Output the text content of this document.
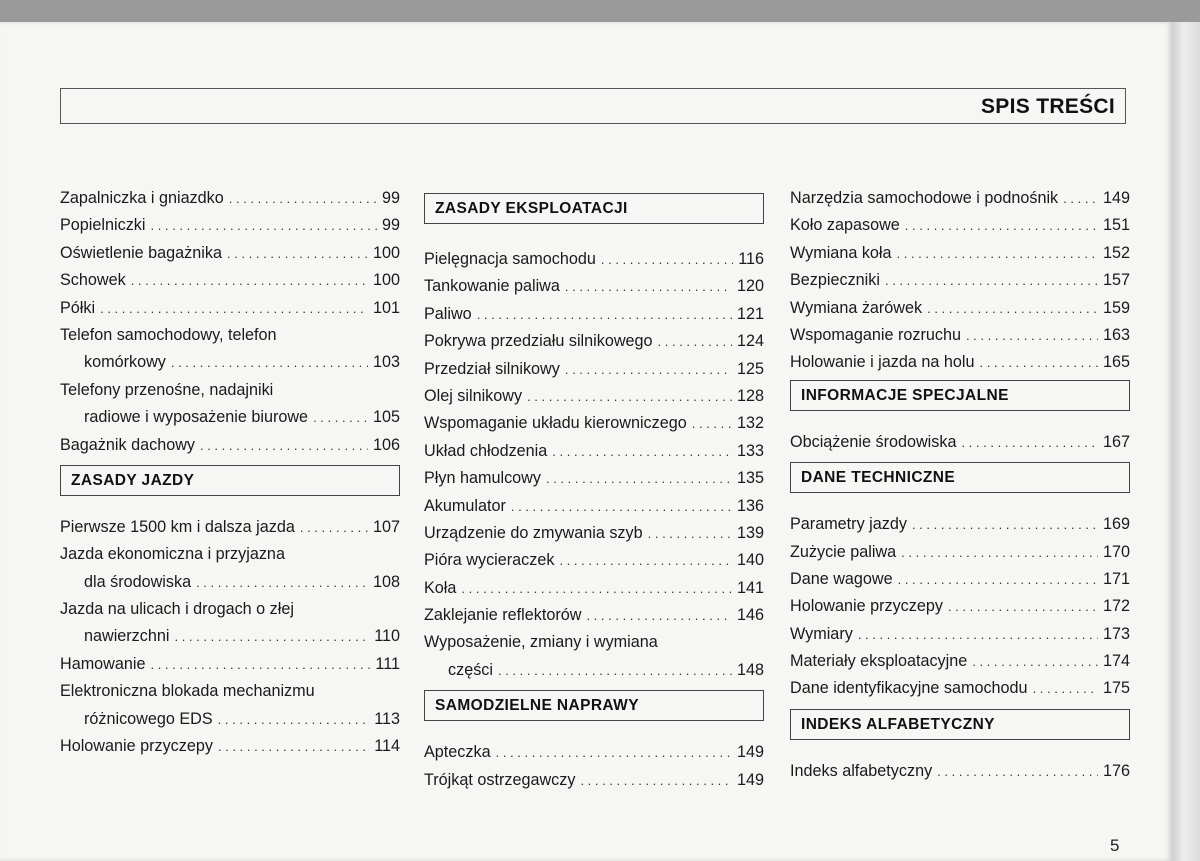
SPIS TREŚCI
Zapalniczka i gniazdko . . .	99
Popielniczki . . .	99
Oświetlenie bagażnika . . .	100
Schowek . . .	100
Półki . . .	101
Telefon samochodowy, telefon
komórkowy . . .	103
Telefony przenośne, nadajniki
radiowe i wyposażenie biurowe . . .	105
Bagażnik dachowy . . .	106
ZASADY JAZDY
Pierwsze 1500 km i dalsza jazda . . .	107
Jazda ekonomiczna i przyjazna
dla środowiska . . .	108
Jazda na ulicach i drogach o złej
nawierzchni . . .	110
Hamowanie . . .	111
Elektroniczna blokada mechanizmu
różnicowego EDS . . .	113
Holowanie przyczepy . . .	114
ZASADY EKSPLOATACJI
Pielęgnacja samochodu . . .	116
Tankowanie paliwa . . .	120
Paliwo . . .	121
Pokrywa przedziału silnikowego . . .	124
Przedział silnikowy . . .	125
Olej silnikowy . . .	128
Wspomaganie układu kierowniczego . . .	132
Układ chłodzenia . . .	133
Płyn hamulcowy . . .	135
Akumulator . . .	136
Urządzenie do zmywania szyb . . .	139
Pióra wycieraczek . . .	140
Koła . . .	141
Zaklejanie reflektorów . . .	146
Wyposażenie, zmiany i wymiana
części . . .	148
SAMODZIELNE NAPRAWY
Apteczka . . .	149
Trójkąt ostrzegawczy . . .	149
Narzędzia samochodowe i podnośnik . . .	149
Koło zapasowe . . .	151
Wymiana koła . . .	152
Bezpieczniki . . .	157
Wymiana żarówek . . .	159
Wspomaganie rozruchu . . .	163
Holowanie i jazda na holu . . .	165
INFORMACJE SPECJALNE
Obciążenie środowiska . . .	167
DANE TECHNICZNE
Parametry jazdy . . .	169
Zużycie paliwa . . .	170
Dane wagowe . . .	171
Holowanie przyczepy . . .	172
Wymiary . . .	173
Materiały eksploatacyjne . . .	174
Dane identyfikacyjne samochodu . . .	175
INDEKS ALFABETYCZNY
Indeks alfabetyczny . . .	176
5
